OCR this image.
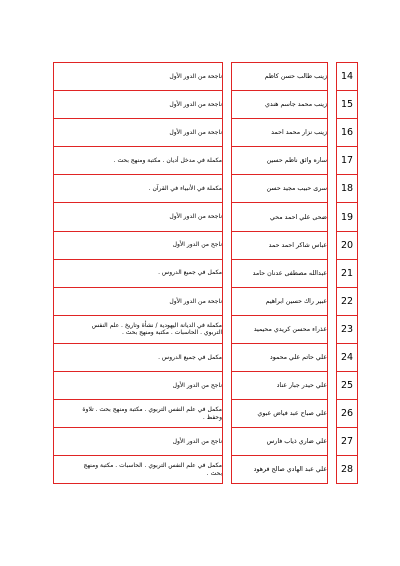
ناجحة من الدور الأول		زينب طالب حسن كاظم		14

ناجحة من الدور الأول		زينب محمد جاسم هندي		15

ناجحة من الدور الأول		زينب نزار محمد احمد		16

مكملة في مدخل أديان . مكتبة ومنهج بحث .		ساره وائق ناظم حسين		17

مكملة في الأنبياء في القرآن .		سرى حبيب مجيد حسن		18

ناجحة من الدور الأول		ضحى علي احمد محي		19

ناجح من الدور الأول		عباس شاكر احمد حمد		20

مكمل في جميع الدروس .		عبدالله مصطفى عدنان حامد		21

ناجحة من الدور الأول		عبير راك حسين ابراهيم		22

مكملة في الديانة اليهودية / نشأة وتاريخ . علم النفس
التربوي . الحاسبات . مكتبة ومنهج بحث .		عذراء محسن كريدي محيميد		23

مكمل في جميع الدروس .		علي حاتم علي محمود		24

ناجح من الدور الأول		علي حيدر جبار عناد		25

مكمل في علم النفس التربوي . مكتبة ومنهج بحث . تلاوة
وحفظ .		علي صباح عبد فياض عبوي		26

ناجح من الدور الأول		علي ضاري ذياب فارس		27

مكمل في علم النفس التربوي . الحاسبات . مكتبة ومنهج
بحث .		علي عبد الهادي صالح فرهود		28
